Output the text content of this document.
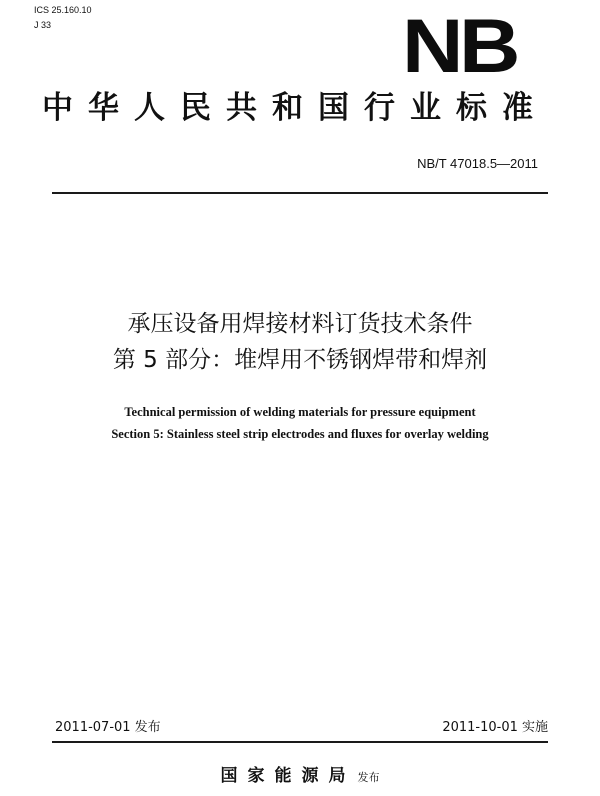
ICS 25.160.10
J 33	NB
中华人民共和国行业标准
NB/T 47018.5—2011
承压设备用焊接材料订货技术条件
第 5 部分：堆焊用不锈钢焊带和焊剂
Technical permission of welding materials for pressure equipment
Section 5: Stainless steel strip electrodes and fluxes for overlay welding
2011-07-01 发布	2011-10-01 实施
国家能源局 发布
